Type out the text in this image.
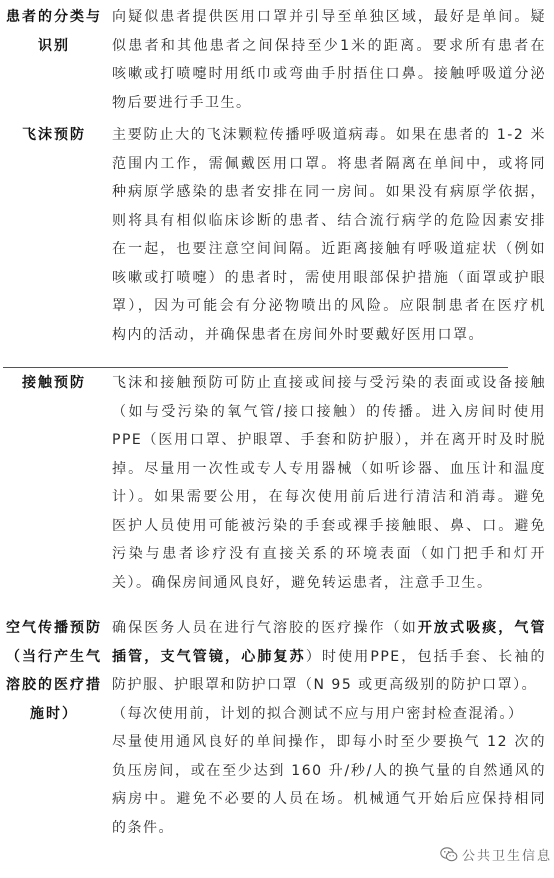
患者的分类与
识别
向疑似患者提供医用口罩并引导至单独区域，最好是单间。疑
似患者和其他患者之间保持至少1米的距离。要求所有患者在
咳嗽或打喷嚏时用纸巾或弯曲手肘捂住口鼻。接触呼吸道分泌
物后要进行手卫生。
飞沫预防	主要防止大的飞沫颗粒传播呼吸道病毒。如果在患者的 1-2 米
范围内工作，需佩戴医用口罩。将患者隔离在单间中，或将同
种病原学感染的患者安排在同一房间。如果没有病原学依据，
则将具有相似临床诊断的患者、结合流行病学的危险因素安排
在一起，也要注意空间间隔。近距离接触有呼吸道症状（例如
咳嗽或打喷嚏）的患者时，需使用眼部保护措施（面罩或护眼
罩），因为可能会有分泌物喷出的风险。应限制患者在医疗机
构内的活动，并确保患者在房间外时要戴好医用口罩。
接触预防	飞沫和接触预防可防止直接或间接与受污染的表面或设备接触
（如与受污染的氧气管/接口接触）的传播。进入房间时使用
PPE（医用口罩、护眼罩、手套和防护服），并在离开时及时脱
掉。尽量用一次性或专人专用器械（如听诊器、血压计和温度
计）。如果需要公用，在每次使用前后进行清洁和消毒。避免
医护人员使用可能被污染的手套或裸手接触眼、鼻、口。避免
污染与患者诊疗没有直接关系的环境表面（如门把手和灯开
关）。确保房间通风良好，避免转运患者，注意手卫生。
空气传播预防
（当行产生气
溶胶的医疗措
施时）
确保医务人员在进行气溶胶的医疗操作（如开放式吸痰，气管
插管，支气管镜，心肺复苏）时使用PPE，包括手套、长袖的
防护服、护眼罩和防护口罩（N 95 或更高级别的防护口罩）。
（每次使用前，计划的拟合测试不应与用户密封检查混淆。）
尽量使用通风良好的单间操作，即每小时至少要换气 12 次的
负压房间，或在至少达到 160 升/秒/人的换气量的自然通风的
病房中。避免不必要的人员在场。机械通气开始后应保持相同
的条件。
公共卫生信息
